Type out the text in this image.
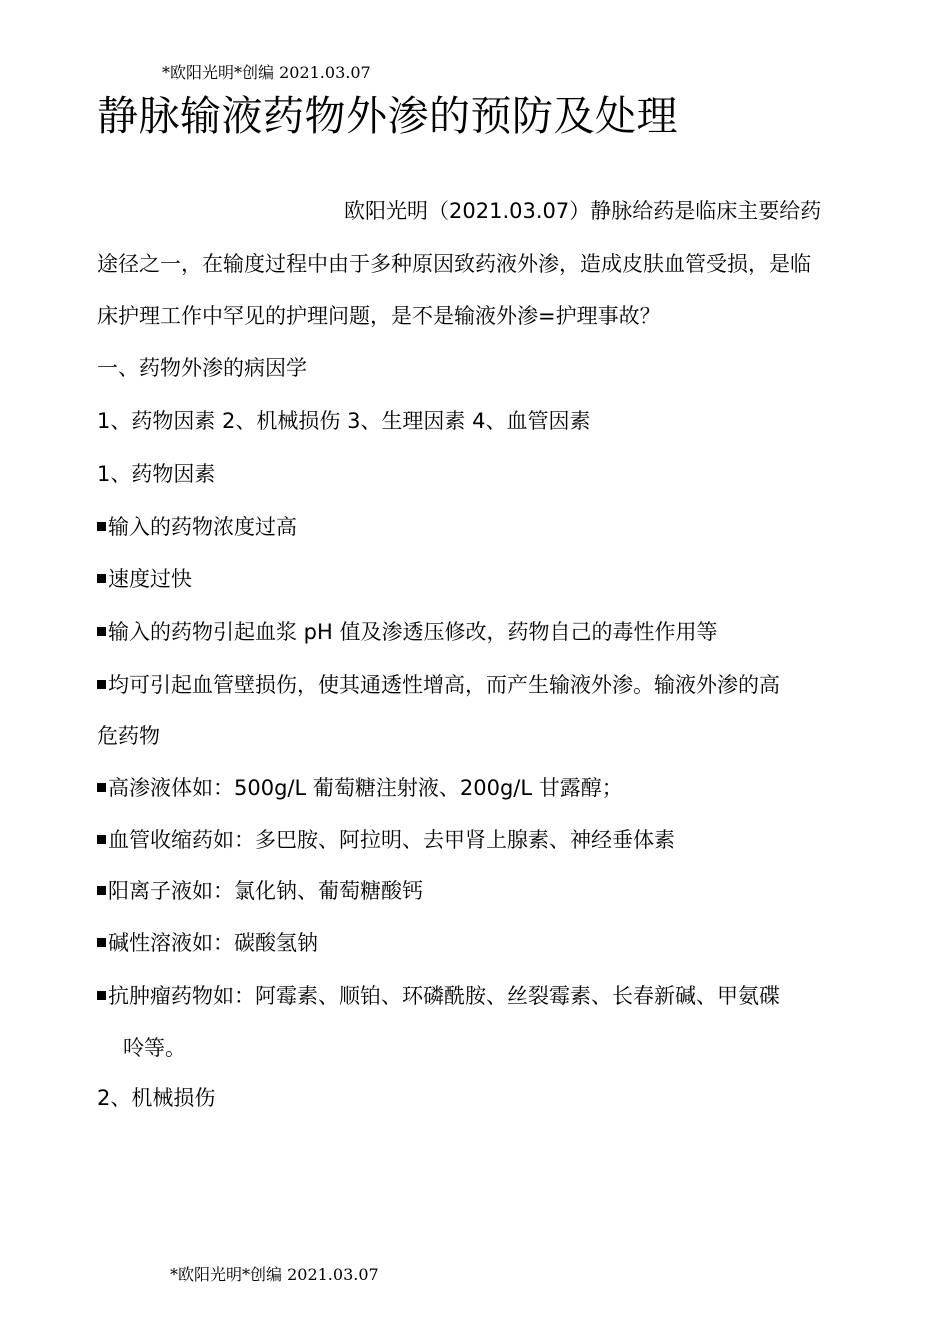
*欧阳光明*创编 2021.03.07
静脉输液药物外渗的预防及处理
欧阳光明（2021.03.07）静脉给药是临床主要给药
途径之一，在输度过程中由于多种原因致药液外渗，造成皮肤血管受损，是临
床护理工作中罕见的护理问题，是不是输液外渗=护理事故？
一、药物外渗的病因学
1、药物因素 2、机械损伤 3、生理因素 4、血管因素
1、药物因素
输入的药物浓度过高
速度过快
输入的药物引起血浆 pH 值及渗透压修改，药物自己的毒性作用等
均可引起血管壁损伤，使其通透性增高，而产生输液外渗。输液外渗的高
危药物
高渗液体如：500g/L 葡萄糖注射液、200g/L 甘露醇；
血管收缩药如：多巴胺、阿拉明、去甲肾上腺素、神经垂体素
阳离子液如：氯化钠、葡萄糖酸钙
碱性溶液如：碳酸氢钠
抗肿瘤药物如：阿霉素、顺铂、环磷酰胺、丝裂霉素、长春新碱、甲氨碟
呤等。
2、机械损伤
*欧阳光明*创编 2021.03.07
